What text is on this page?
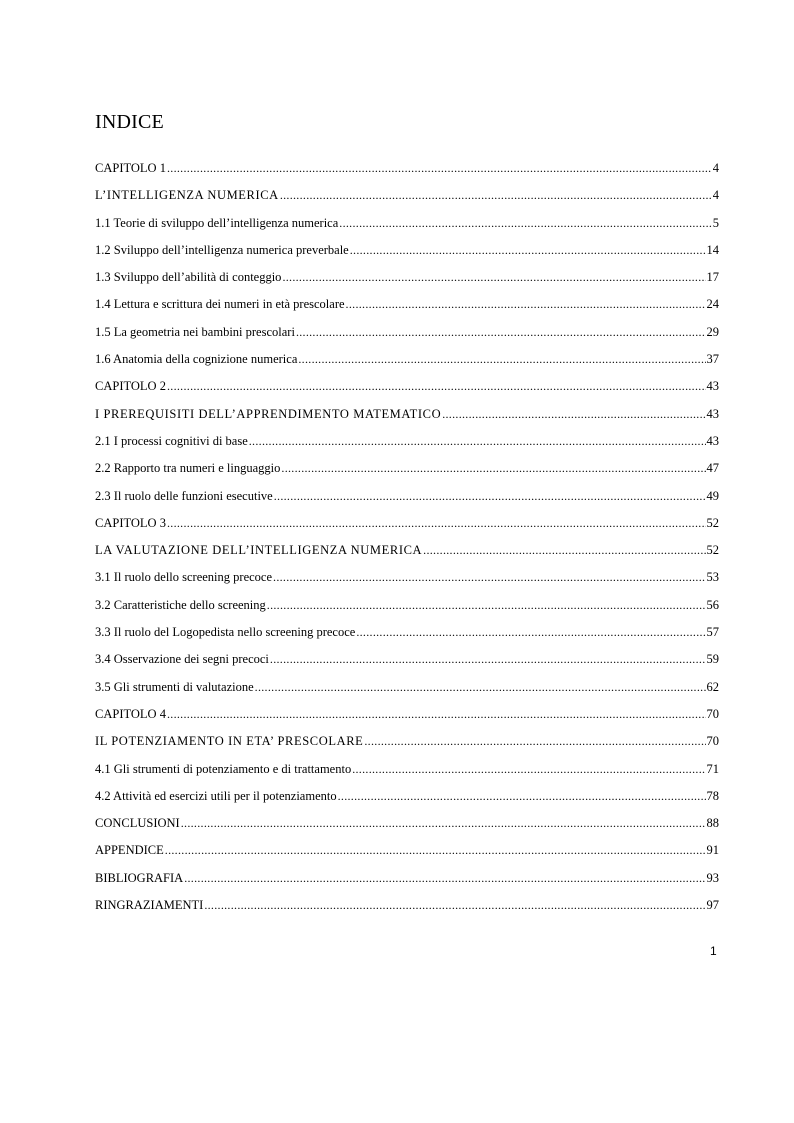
INDICE
CAPITOLO 1 .....	4
L’INTELLIGENZA NUMERICA .....	4
1.1 Teorie di sviluppo dell’intelligenza numerica .....	5
1.2 Sviluppo dell’intelligenza numerica preverbale .....	14
1.3 Sviluppo dell’abilità di conteggio .....	17
1.4 Lettura e scrittura dei numeri in età prescolare .....	24
1.5 La geometria nei bambini prescolari .....	29
1.6 Anatomia della cognizione numerica .....	37
CAPITOLO 2 .....	43
I PREREQUISITI DELL’APPRENDIMENTO MATEMATICO .....	43
2.1 I processi cognitivi di base .....	43
2.2 Rapporto tra numeri e linguaggio .....	47
2.3 Il ruolo delle funzioni esecutive .....	49
CAPITOLO 3 .....	52
LA VALUTAZIONE DELL’INTELLIGENZA NUMERICA .....	52
3.1 Il ruolo dello screening precoce .....	53
3.2 Caratteristiche dello screening .....	56
3.3 Il ruolo del Logopedista nello screening precoce .....	57
3.4 Osservazione dei segni precoci .....	59
3.5 Gli strumenti di valutazione .....	62
CAPITOLO 4 .....	70
IL POTENZIAMENTO IN ETA’ PRESCOLARE .....	70
4.1 Gli strumenti di potenziamento e di trattamento .....	71
4.2 Attività ed esercizi utili per il potenziamento .....	78
CONCLUSIONI .....	88
APPENDICE .....	91
BIBLIOGRAFIA .....	93
RINGRAZIAMENTI .....	97
1
